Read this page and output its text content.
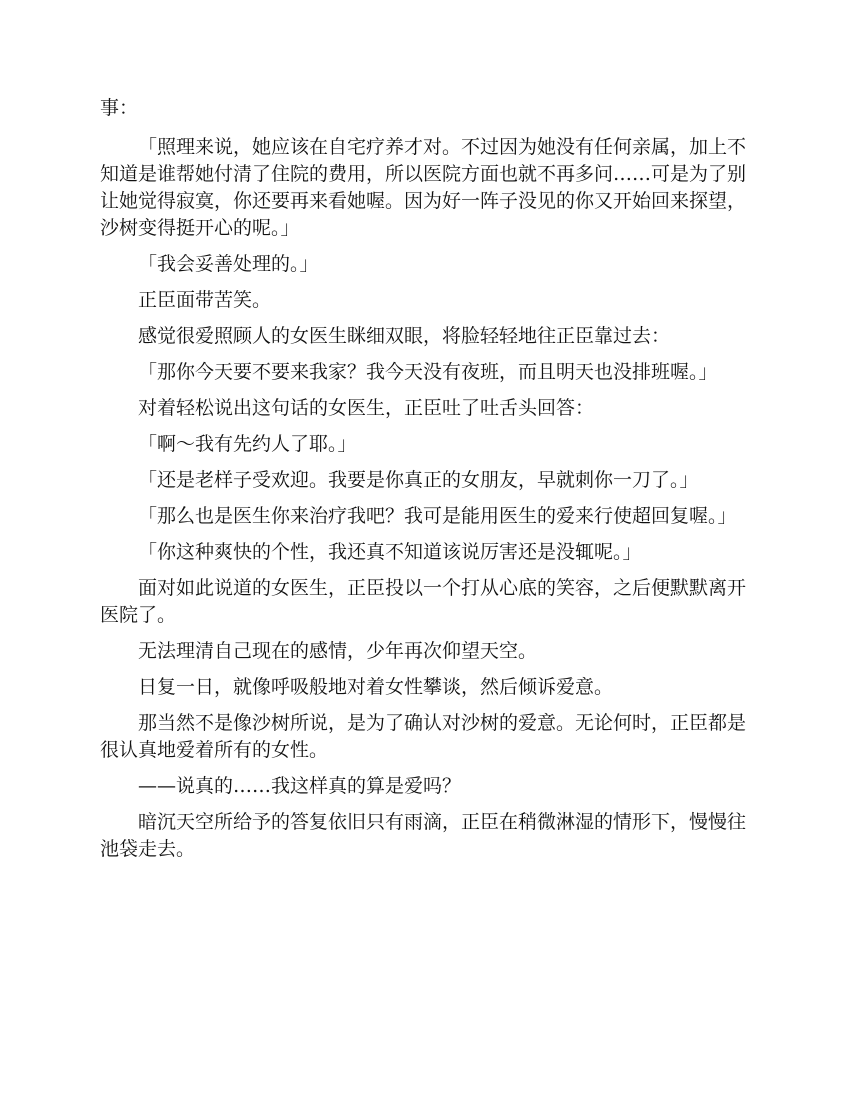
事：

「照理来说，她应该在自宅疗养才对。不过因为她没有任何亲属，加上不知道是谁帮她付清了住院的费用，所以医院方面也就不再多问……可是为了别让她觉得寂寞，你还要再来看她喔。因为好一阵子没见的你又开始回来探望，沙树变得挺开心的呢。」

「我会妥善处理的。」

正臣面带苦笑。

感觉很爱照顾人的女医生眯细双眼，将脸轻轻地往正臣靠过去：

「那你今天要不要来我家？我今天没有夜班，而且明天也没排班喔。」

对着轻松说出这句话的女医生，正臣吐了吐舌头回答：

「啊～我有先约人了耶。」

「还是老样子受欢迎。我要是你真正的女朋友，早就刺你一刀了。」

「那么也是医生你来治疗我吧？我可是能用医生的爱来行使超回复喔。」

「你这种爽快的个性，我还真不知道该说厉害还是没辄呢。」

面对如此说道的女医生，正臣投以一个打从心底的笑容，之后便默默离开医院了。

无法理清自己现在的感情，少年再次仰望天空。

日复一日，就像呼吸般地对着女性攀谈，然后倾诉爱意。

那当然不是像沙树所说，是为了确认对沙树的爱意。无论何时，正臣都是很认真地爱着所有的女性。

——说真的……我这样真的算是爱吗？

暗沉天空所给予的答复依旧只有雨滴，正臣在稍微淋湿的情形下，慢慢往池袋走去。
